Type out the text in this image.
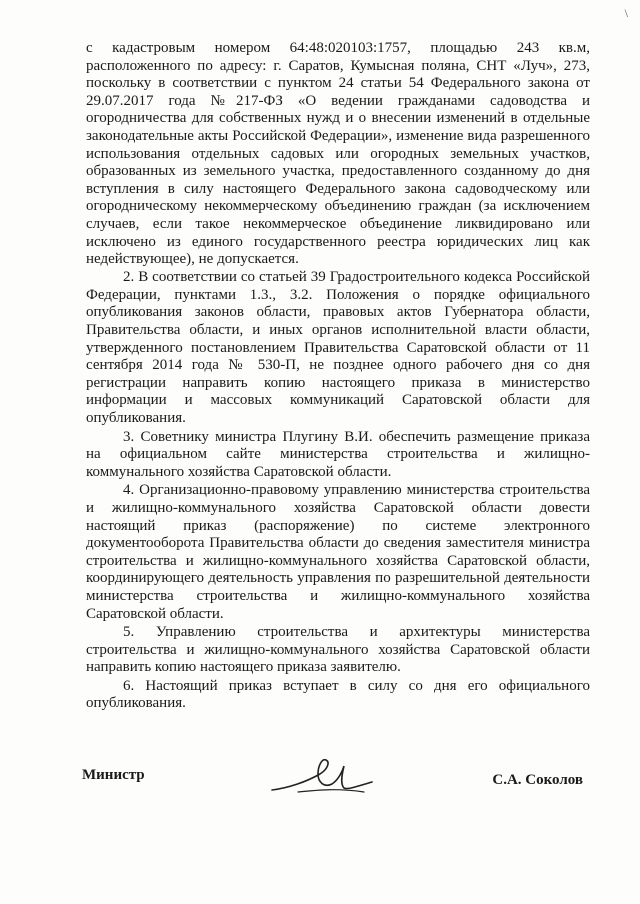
\

с кадастровым номером 64:48:020103:1757, площадью 243 кв.м, расположенного по адресу: г. Саратов, Кумысная поляна, СНТ «Луч», 273, поскольку в соответствии с пунктом 24 статьи 54 Федерального закона от 29.07.2017 года №217-ФЗ «О ведении гражданами садоводства и огородничества для собственных нужд и о внесении изменений в отдельные законодательные акты Российской Федерации», изменение вида разрешенного использования отдельных садовых или огородных земельных участков, образованных из земельного участка, предоставленного созданному до дня вступления в силу настоящего Федерального закона садоводческому или огородническому некоммерческому объединению граждан (за исключением случаев, если такое некоммерческое объединение ликвидировано или исключено из единого государственного реестра юридических лиц как недействующее), не допускается.

2. В соответствии со статьей 39 Градостроительного кодекса Российской Федерации, пунктами 1.3., 3.2. Положения о порядке официального опубликования законов области, правовых актов Губернатора области, Правительства области, и иных органов исполнительной власти области, утвержденного постановлением Правительства Саратовской области от 11 сентября 2014 года № 530-П, не позднее одного рабочего дня со дня регистрации направить копию настоящего приказа в министерство информации и массовых коммуникаций Саратовской области для опубликования.

3. Советнику министра Плугину В.И. обеспечить размещение приказа на официальном сайте министерства строительства и жилищно-коммунального хозяйства Саратовской области.

4. Организационно-правовому управлению министерства строительства и жилищно-коммунального хозяйства Саратовской области довести настоящий приказ (распоряжение) по системе электронного документооборота Правительства области до сведения заместителя министра строительства и жилищно-коммунального хозяйства Саратовской области, координирующего деятельность управления по разрешительной деятельности министерства строительства и жилищно-коммунального хозяйства Саратовской области.

5. Управлению строительства и архитектуры министерства строительства и жилищно-коммунального хозяйства Саратовской области направить копию настоящего приказа заявителю.

6. Настоящий приказ вступает в силу со дня его официального опубликования.

Министр	С.А. Соколов
